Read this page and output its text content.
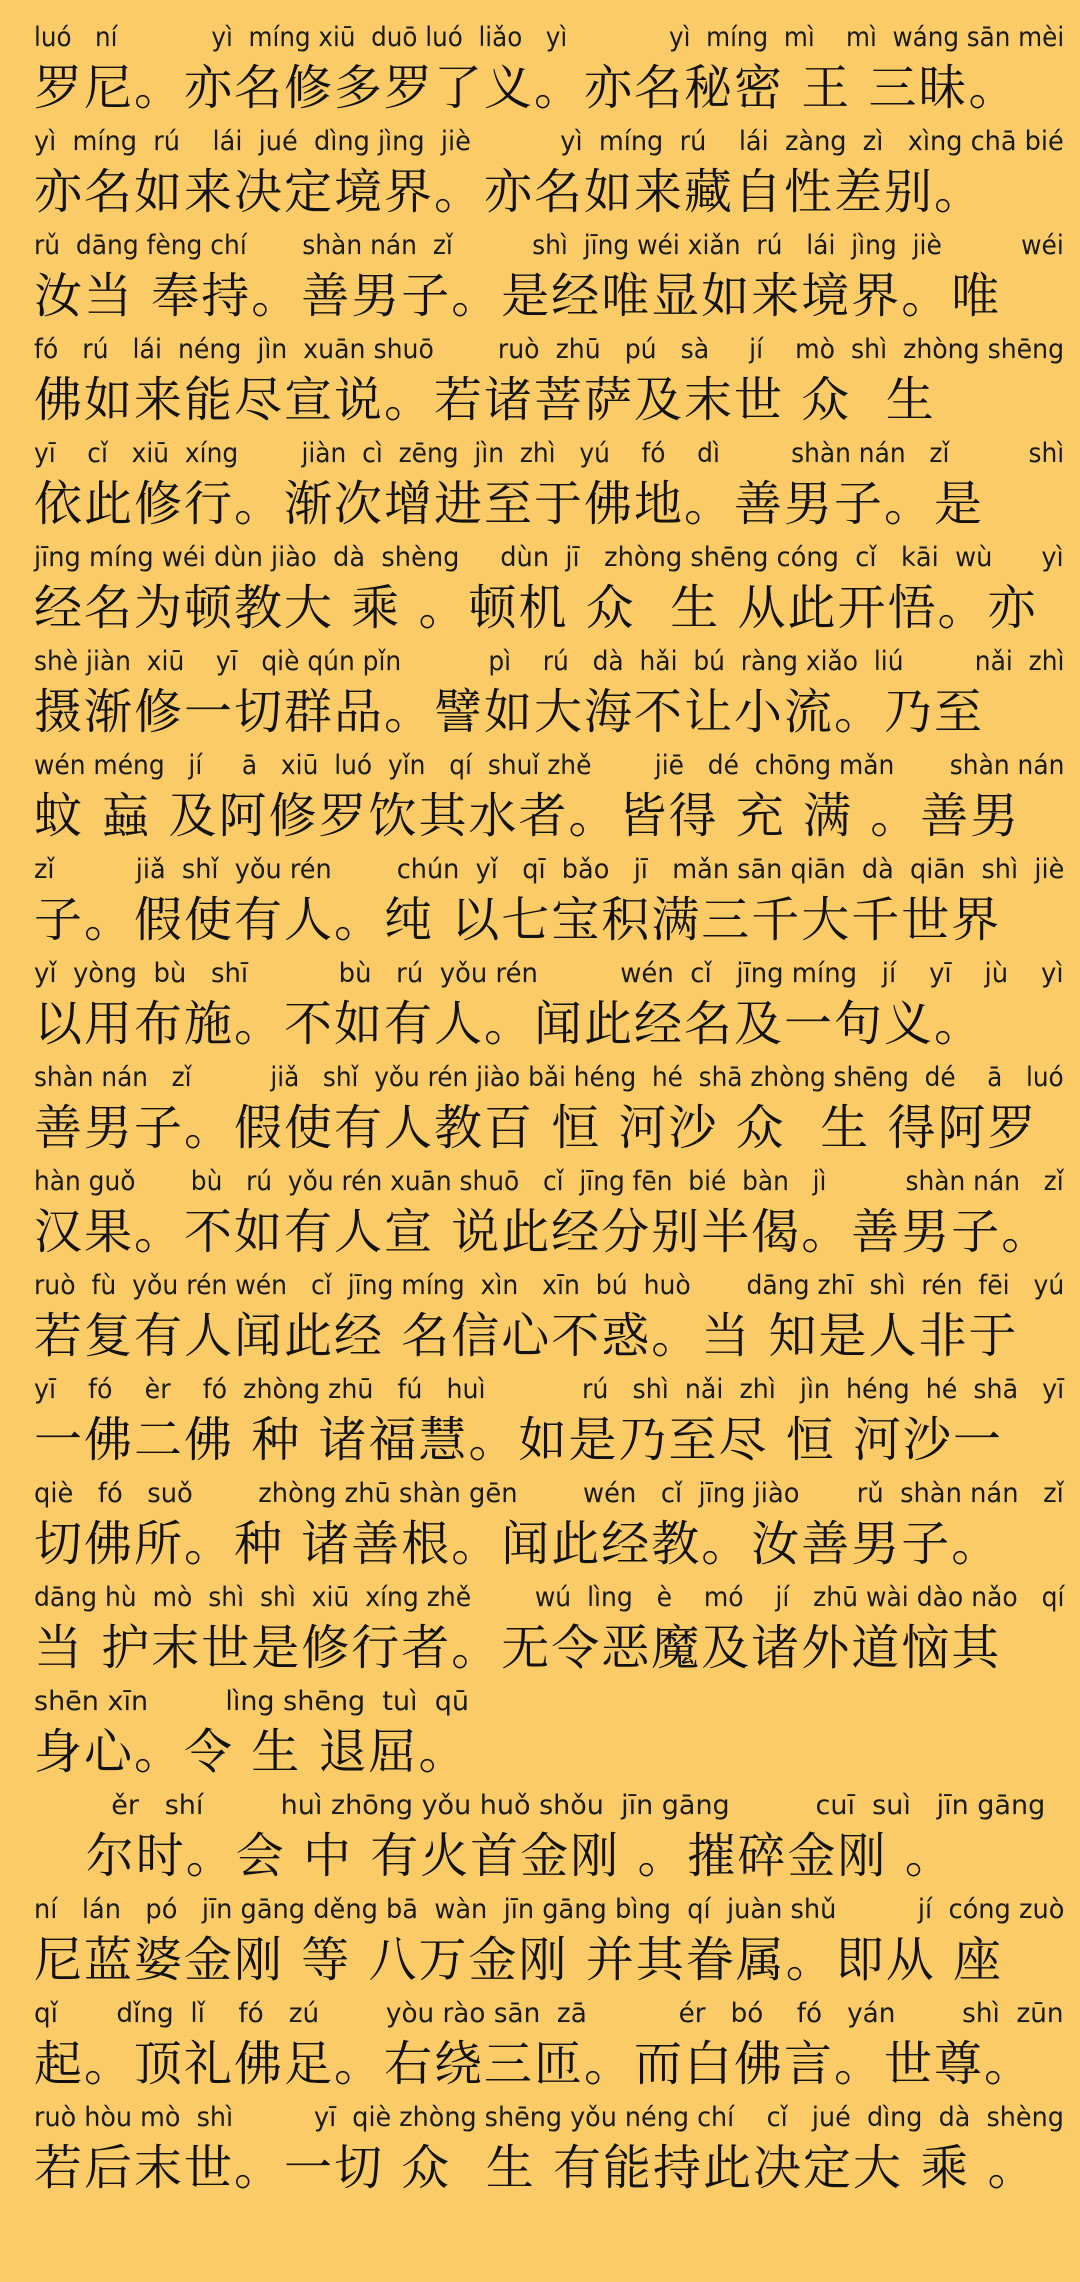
luó   ní            yì  míng xiū  duō luó  liǎo   yì             yì  míng  mì    mì  wáng sān mèi
罗尼。亦名修多罗了义。亦名秘密 王 三昧。
yì  míng  rú    lái  jué  dìng jìng  jiè           yì  míng  rú    lái  zàng  zì   xìng chā bié
亦名如来决定境界。亦名如来藏自性差别。
rǔ  dāng fèng chí       shàn nán  zǐ          shì  jīng wéi xiǎn  rú   lái  jìng  jiè          wéi
汝当 奉持。善男子。是经唯显如来境界。唯
fó   rú   lái  néng  jìn  xuān shuō        ruò  zhū   pú   sà     jí    mò  shì  zhòng shēng
佛如来能尽宣说。若诸菩萨及末世 众  生
yī    cǐ   xiū  xíng        jiàn  cì  zēng  jìn  zhì   yú    fó    dì         shàn nán   zǐ          shì
依此修行。渐次增进至于佛地。善男子。是
jīng míng wéi dùn jiào  dà  shèng     dùn  jī   zhòng shēng cóng  cǐ   kāi  wù      yì
经名为顿教大 乘 。顿机 众  生 从此开悟。亦
shè jiàn  xiū    yī   qiè qún pǐn           pì    rú   dà  hǎi  bú  ràng xiǎo  liú         nǎi  zhì
摄渐修一切群品。譬如大海不让小流。乃至
wén méng   jí     ā   xiū  luó  yǐn   qí  shuǐ zhě        jiē   dé  chōng mǎn       shàn nán
蚊 蝱 及阿修罗饮其水者。皆得 充 满 。善男
zǐ          jiǎ  shǐ  yǒu rén        chún  yǐ   qī  bǎo   jī   mǎn sān qiān  dà  qiān  shì  jiè
子。假使有人。纯 以七宝积满三千大千世界
yǐ  yòng  bù   shī           bù   rú  yǒu rén          wén  cǐ   jīng míng   jí    yī    jù    yì
以用布施。不如有人。闻此经名及一句义。
shàn nán   zǐ          jiǎ   shǐ  yǒu rén jiào bǎi héng  hé  shā zhòng shēng  dé    ā   luó
善男子。假使有人教百 恒 河沙 众  生 得阿罗
hàn guǒ       bù   rú  yǒu rén xuān shuō   cǐ  jīng fēn  bié  bàn   jì          shàn nán   zǐ
汉果。不如有人宣 说此经分别半偈。善男子。
ruò  fù  yǒu rén wén   cǐ  jīng míng  xìn   xīn  bú  huò       dāng zhī  shì  rén  fēi   yú
若复有人闻此经 名信心不惑。当 知是人非于
yī    fó    èr    fó  zhòng zhū   fú   huì            rú   shì  nǎi  zhì   jìn  héng  hé  shā   yī
一佛二佛 种 诸福慧。如是乃至尽 恒 河沙一
qiè   fó   suǒ        zhòng zhū shàn gēn        wén   cǐ  jīng jiào       rǔ  shàn nán   zǐ
切佛所。种 诸善根。闻此经教。汝善男子。
dāng hù  mò  shì  shì  xiū  xíng zhě        wú  lìng   è    mó    jí   zhū wài dào nǎo   qí
当 护末世是修行者。无令恶魔及诸外道恼其
shēn xīn         lìng shēng  tuì  qū
身心。令 生 退屈。
ěr   shí         huì zhōng yǒu huǒ shǒu  jīn gāng          cuī  suì   jīn gāng
尔时。会 中 有火首金刚 。摧碎金刚 。
ní   lán   pó   jīn gāng děng bā  wàn  jīn gāng bìng  qí  juàn shǔ          jí  cóng zuò
尼蓝婆金刚 等 八万金刚 并其眷属。即从 座
qǐ       dǐng  lǐ    fó   zú        yòu rào sān  zā           ér   bó    fó   yán        shì  zūn
起。顶礼佛足。右绕三匝。而白佛言。世尊。
ruò hòu mò  shì          yī  qiè zhòng shēng yǒu néng chí    cǐ   jué  dìng  dà  shèng
若后末世。一切 众  生 有能持此决定大 乘 。
